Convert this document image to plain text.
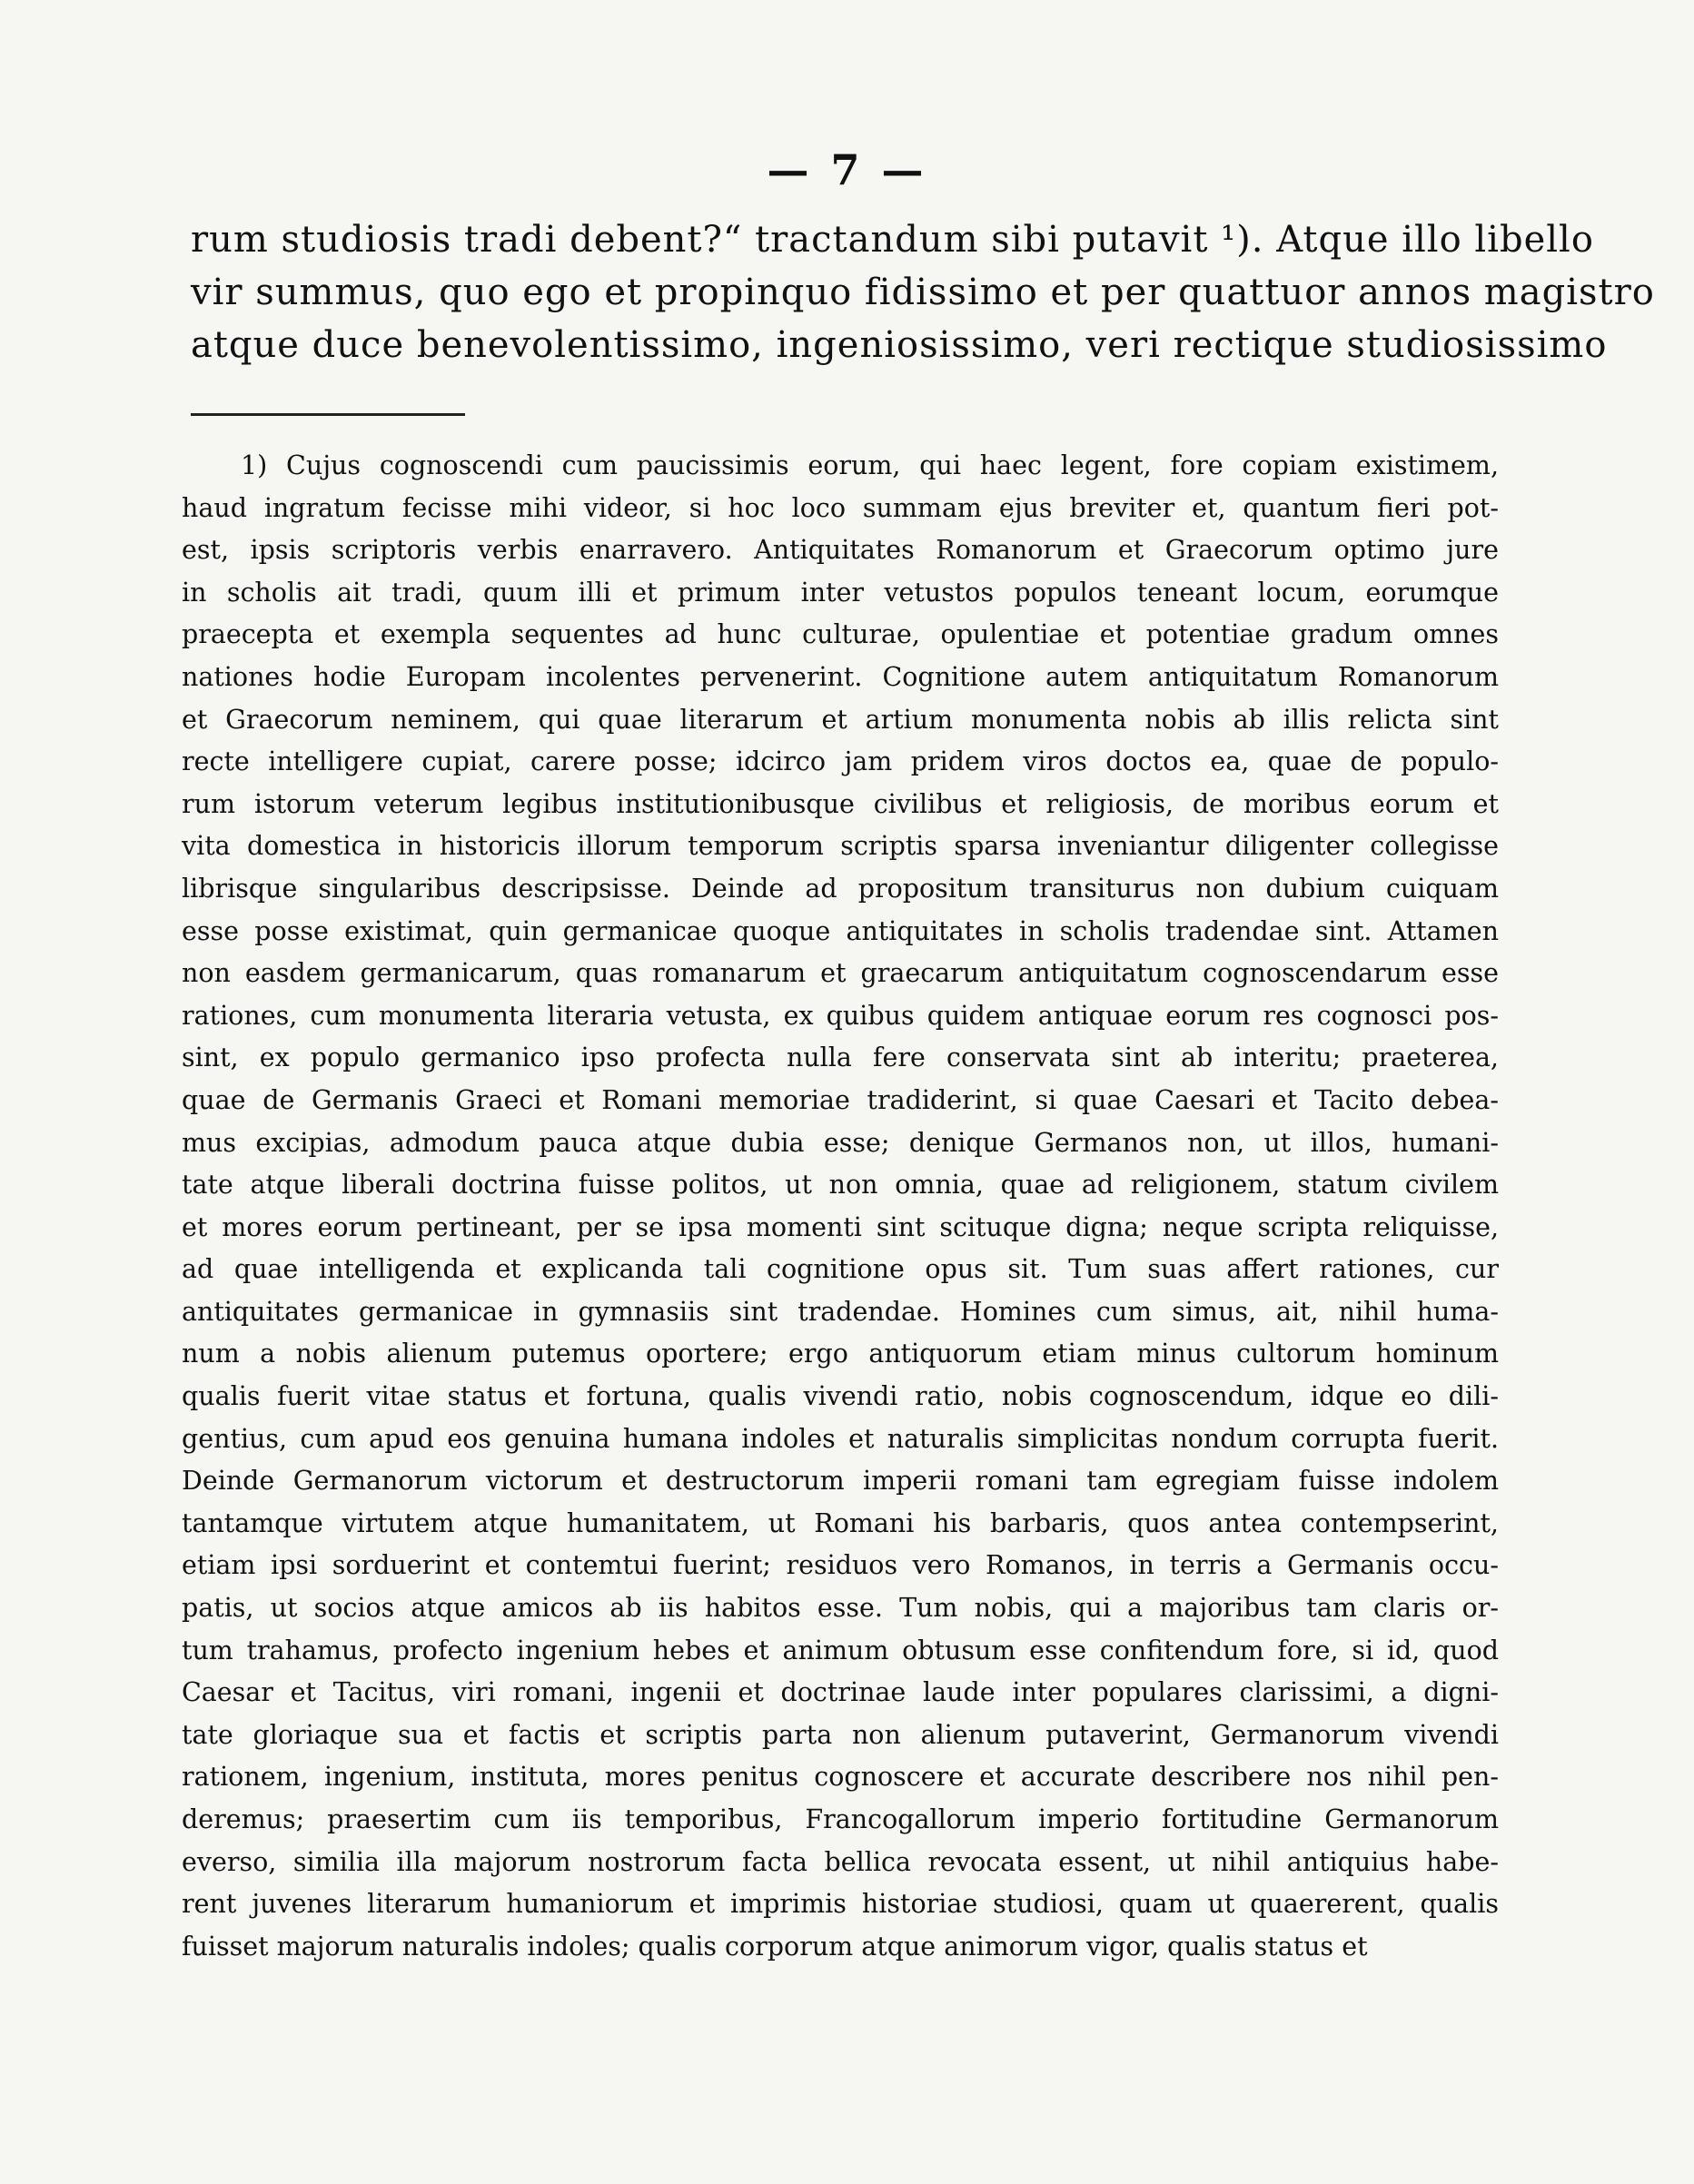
— 7 —
rum studiosis tradi debent?“ tractandum sibi putavit ¹). Atque illo libello
vir summus, quo ego et propinquo fidissimo et per quattuor annos magistro
atque duce benevolentissimo, ingeniosissimo, veri rectique studiosissimo
1) Cujus cognoscendi cum paucissimis eorum, qui haec legent, fore copiam existimem,
haud ingratum fecisse mihi videor, si hoc loco summam ejus breviter et, quantum fieri pot-
est, ipsis scriptoris verbis enarravero. Antiquitates Romanorum et Graecorum optimo jure
in scholis ait tradi, quum illi et primum inter vetustos populos teneant locum, eorumque
praecepta et exempla sequentes ad hunc culturae, opulentiae et potentiae gradum omnes
nationes hodie Europam incolentes pervenerint. Cognitione autem antiquitatum Romanorum
et Graecorum neminem, qui quae literarum et artium monumenta nobis ab illis relicta sint
recte intelligere cupiat, carere posse; idcirco jam pridem viros doctos ea, quae de populo-
rum istorum veterum legibus institutionibusque civilibus et religiosis, de moribus eorum et
vita domestica in historicis illorum temporum scriptis sparsa inveniantur diligenter collegisse
librisque singularibus descripsisse. Deinde ad propositum transiturus non dubium cuiquam
esse posse existimat, quin germanicae quoque antiquitates in scholis tradendae sint. Attamen
non easdem germanicarum, quas romanarum et graecarum antiquitatum cognoscendarum esse
rationes, cum monumenta literaria vetusta, ex quibus quidem antiquae eorum res cognosci pos-
sint, ex populo germanico ipso profecta nulla fere conservata sint ab interitu; praeterea,
quae de Germanis Graeci et Romani memoriae tradiderint, si quae Caesari et Tacito debea-
mus excipias, admodum pauca atque dubia esse; denique Germanos non, ut illos, humani-
tate atque liberali doctrina fuisse politos, ut non omnia, quae ad religionem, statum civilem
et mores eorum pertineant, per se ipsa momenti sint scituque digna; neque scripta reliquisse,
ad quae intelligenda et explicanda tali cognitione opus sit. Tum suas affert rationes, cur
antiquitates germanicae in gymnasiis sint tradendae. Homines cum simus, ait, nihil huma-
num a nobis alienum putemus oportere; ergo antiquorum etiam minus cultorum hominum
qualis fuerit vitae status et fortuna, qualis vivendi ratio, nobis cognoscendum, idque eo dili-
gentius, cum apud eos genuina humana indoles et naturalis simplicitas nondum corrupta fuerit.
Deinde Germanorum victorum et destructorum imperii romani tam egregiam fuisse indolem
tantamque virtutem atque humanitatem, ut Romani his barbaris, quos antea contempserint,
etiam ipsi sorduerint et contemtui fuerint; residuos vero Romanos, in terris a Germanis occu-
patis, ut socios atque amicos ab iis habitos esse. Tum nobis, qui a majoribus tam claris or-
tum trahamus, profecto ingenium hebes et animum obtusum esse confitendum fore, si id, quod
Caesar et Tacitus, viri romani, ingenii et doctrinae laude inter populares clarissimi, a digni-
tate gloriaque sua et factis et scriptis parta non alienum putaverint, Germanorum vivendi
rationem, ingenium, instituta, mores penitus cognoscere et accurate describere nos nihil pen-
deremus; praesertim cum iis temporibus, Francogallorum imperio fortitudine Germanorum
everso, similia illa majorum nostrorum facta bellica revocata essent, ut nihil antiquius habe-
rent juvenes literarum humaniorum et imprimis historiae studiosi, quam ut quaererent, qualis
fuisset majorum naturalis indoles; qualis corporum atque animorum vigor, qualis status et
